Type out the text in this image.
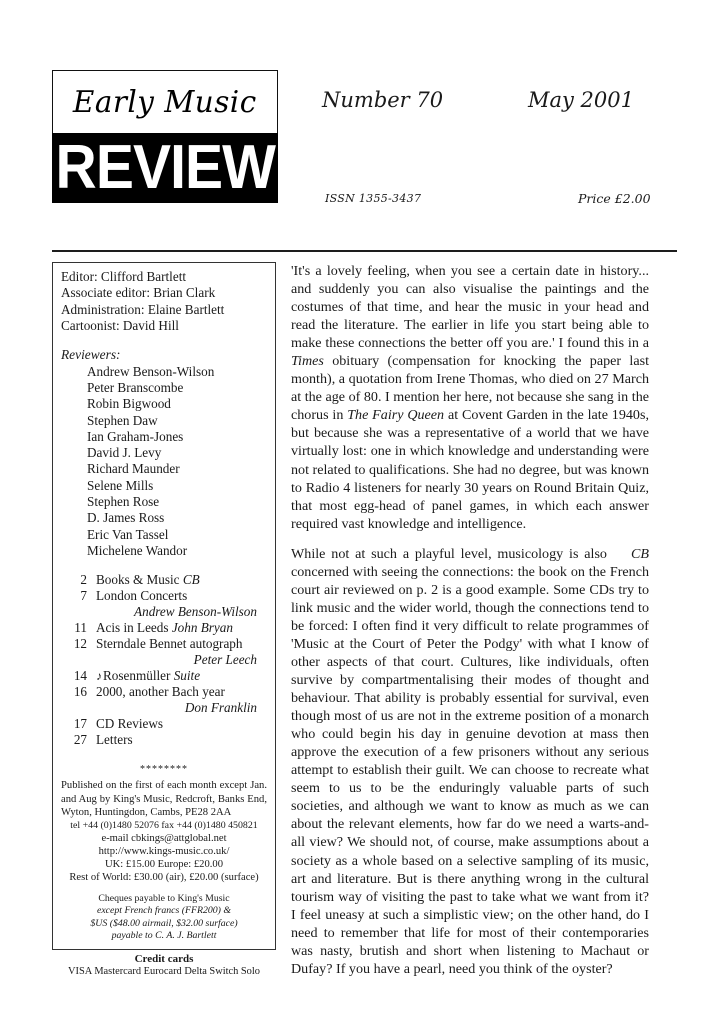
Early Music
REVIEW
Number 70	May 2001
ISSN 1355-3437	Price £2.00
Editor: Clifford Bartlett
Associate editor: Brian Clark
Administration: Elaine Bartlett
Cartoonist: David Hill
Reviewers:
Andrew Benson-Wilson
Peter Branscombe
Robin Bigwood
Stephen Daw
Ian Graham-Jones
David J. Levy
Richard Maunder
Selene Mills
Stephen Rose
D. James Ross
Eric Van Tassel
Michelene Wandor
2 Books & Music CB
7 London Concerts
Andrew Benson-Wilson
11 Acis in Leeds John Bryan
12 Sterndale Bennet autograph
Peter Leech
14 ♪Rosenmüller Suite
16 2000, another Bach year
Don Franklin
17 CD Reviews
27 Letters
********
Published on the first of each month except Jan. and Aug by King's Music, Redcroft, Banks End, Wyton, Huntingdon, Cambs, PE28 2AA
tel +44 (0)1480 52076 fax +44 (0)1480 450821
e-mail cbkings@attglobal.net
http://www.kings-music.co.uk/
UK: £15.00 Europe: £20.00
Rest of World: £30.00 (air), £20.00 (surface)
Cheques payable to King's Music
except French francs (FFR200) &
$US ($48.00 airmail, $32.00 surface)
payable to C. A. J. Bartlett
Credit cards
VISA Mastercard Eurocard Delta Switch Solo

'It's a lovely feeling, when you see a certain date in history... and suddenly you can also visualise the paintings and the costumes of that time, and hear the music in your head and read the literature. The earlier in life you start being able to make these connections the better off you are.' I found this in a Times obituary (compensation for knocking the paper last month), a quotation from Irene Thomas, who died on 27 March at the age of 80. I mention her here, not because she sang in the chorus in The Fairy Queen at Covent Garden in the late 1940s, but because she was a representative of a world that we have virtually lost: one in which knowledge and understanding were not related to qualifications. She had no degree, but was known to Radio 4 listeners for nearly 30 years on Round Britain Quiz, that most egg-head of panel games, in which each answer required vast knowledge and intelligence.

CB
While not at such a playful level, musicology is also concerned with seeing the connections: the book on the French court air reviewed on p. 2 is a good example. Some CDs try to link music and the wider world, though the connections tend to be forced: I often find it very difficult to relate programmes of 'Music at the Court of Peter the Podgy' with what I know of other aspects of that court. Cultures, like individuals, often survive by compartmentalising their modes of thought and behaviour. That ability is probably essential for survival, even though most of us are not in the extreme position of a monarch who could begin his day in genuine devotion at mass then approve the execution of a few prisoners without any serious attempt to establish their guilt. We can choose to recreate what seem to us to be the enduringly valuable parts of such societies, and although we want to know as much as we can about the relevant elements, how far do we need a warts-and-all view? We should not, of course, make assumptions about a society as a whole based on a selective sampling of its music, art and literature. But is there anything wrong in the cultural tourism way of visiting the past to take what we want from it? I feel uneasy at such a simplistic view; on the other hand, do I need to remember that life for most of their contemporaries was nasty, brutish and short when listening to Machaut or Dufay? If you have a pearl, need you think of the oyster?
